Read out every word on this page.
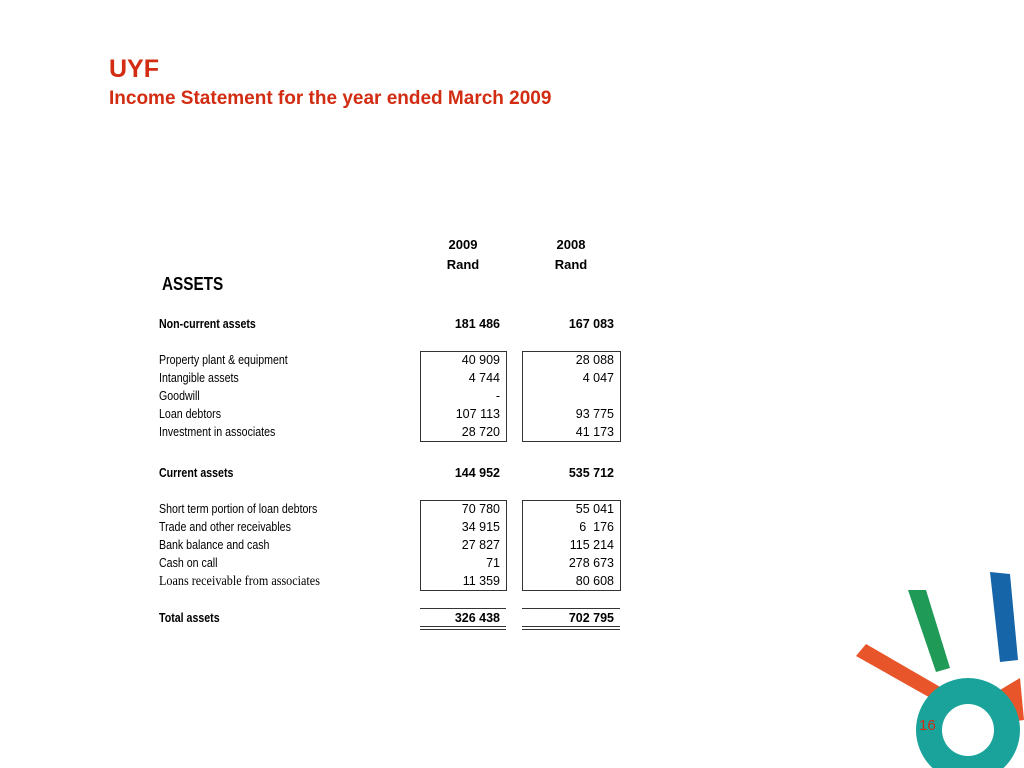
UYF
Income Statement for the year ended March 2009
2009
Rand
2008
Rand
ASSETS
Non-current assets	181 486	167 083
Property plant & equipment	40 909	28 088
Intangible assets	4 744	4 047
Goodwill	-
Loan debtors	107 113	93 775
Investment in associates	28 720	41 173
Current assets	144 952	535 712
Short term portion of loan debtors	70 780	55 041
Trade and other receivables	34 915	6  176
Bank balance and cash	27 827	115 214
Cash on call	71	278 673
Loans receivable from associates	11 359	80 608
Total assets	326 438	702 795
16
